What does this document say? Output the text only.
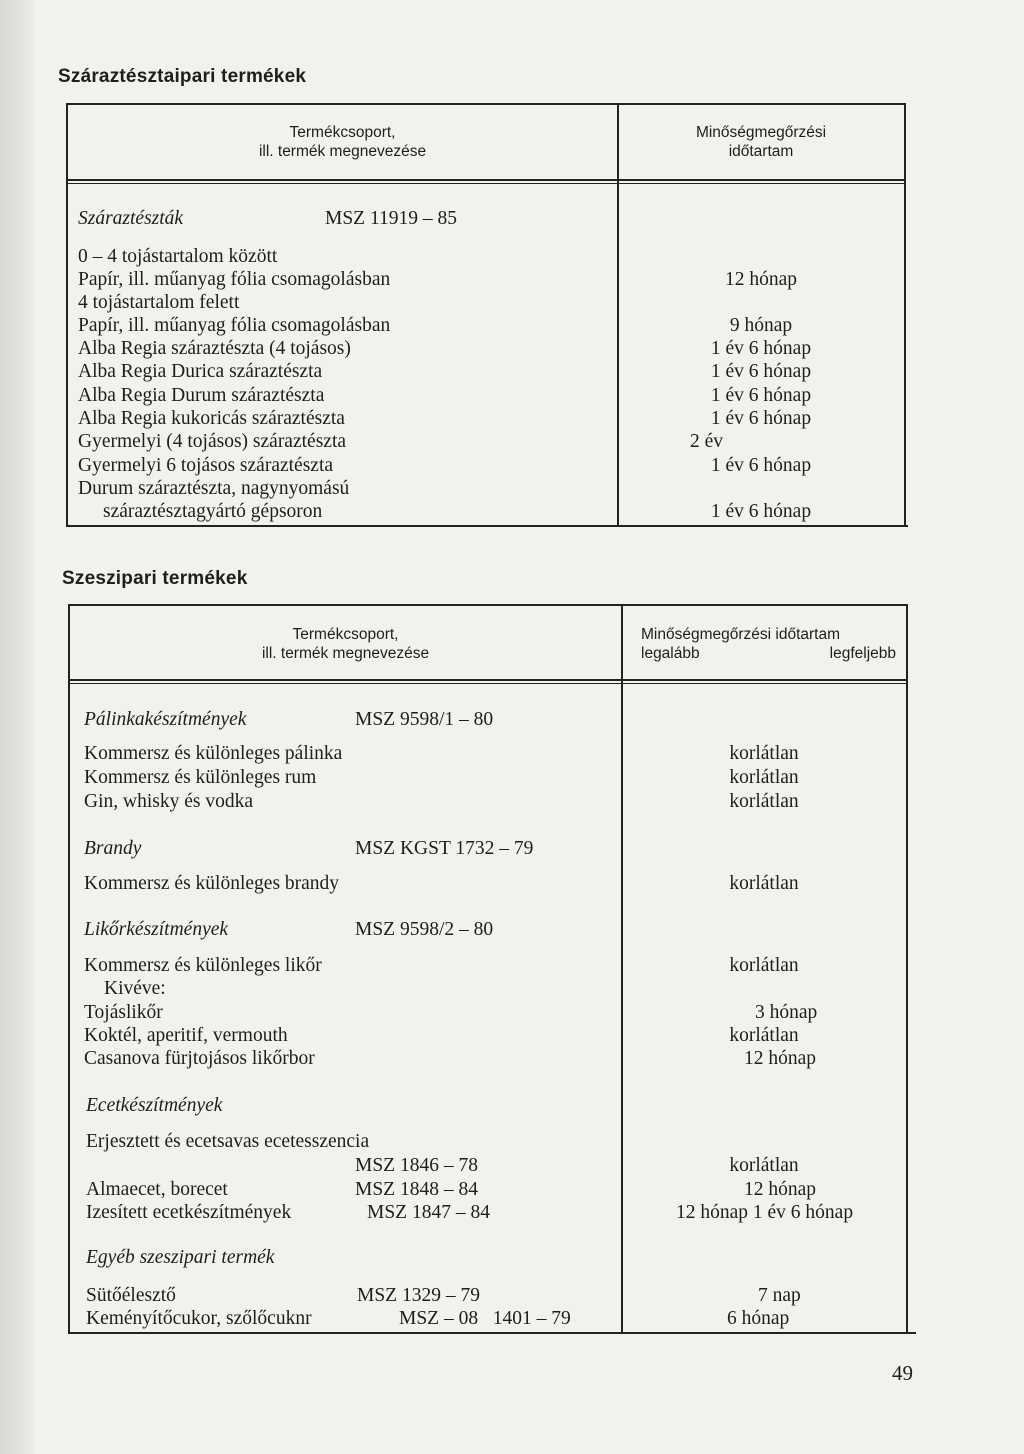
Száraztésztaipari termékek
Termékcsoport,
ill. termék megnevezése
Minőségmegőrzési
időtartam
Száraztészták	MSZ 11919 – 85
0 – 4 tojástartalom között
Papír, ill. műanyag fólia csomagolásban	12 hónap
4 tojástartalom felett
Papír, ill. műanyag fólia csomagolásban	9 hónap
Alba Regia száraztészta (4 tojásos)	1 év 6 hónap
Alba Regia Durica száraztészta	1 év 6 hónap
Alba Regia Durum száraztészta	1 év 6 hónap
Alba Regia kukoricás száraztészta	1 év 6 hónap
Gyermelyi (4 tojásos) száraztészta	2 év
Gyermelyi 6 tojásos száraztészta	1 év 6 hónap
Durum száraztészta, nagynyomású
száraztésztagyártó gépsoron	1 év 6 hónap
Szeszipari termékek
Termékcsoport,
ill. termék megnevezése
Minőségmegőrzési időtartam
legalább	legfeljebb
Pálinkakészítmények	MSZ 9598/1 – 80
Kommersz és különleges pálinka	korlátlan
Kommersz és különleges rum	korlátlan
Gin, whisky és vodka	korlátlan
Brandy	MSZ KGST 1732 – 79
Kommersz és különleges brandy	korlátlan
Likőrkészítmények	MSZ 9598/2 – 80
Kommersz és különleges likőr	korlátlan
Kivéve:
Tojáslikőr	3 hónap
Koktél, aperitif, vermouth	korlátlan
Casanova fürjtojásos likőrbor	12 hónap
Ecetkészítmények
Erjesztett és ecetsavas ecetesszencia
MSZ 1846 – 78	korlátlan
Almaecet, borecet	MSZ 1848 – 84	12 hónap
Izesített ecetkészítmények	MSZ 1847 – 84	12 hónap 1 év 6 hónap
Egyéb szeszipari termék
Sütőélesztő	MSZ 1329 – 79	7 nap
Keményítőcukor, szőlőcuknr	MSZ – 08   1401 – 79	6 hónap
49
